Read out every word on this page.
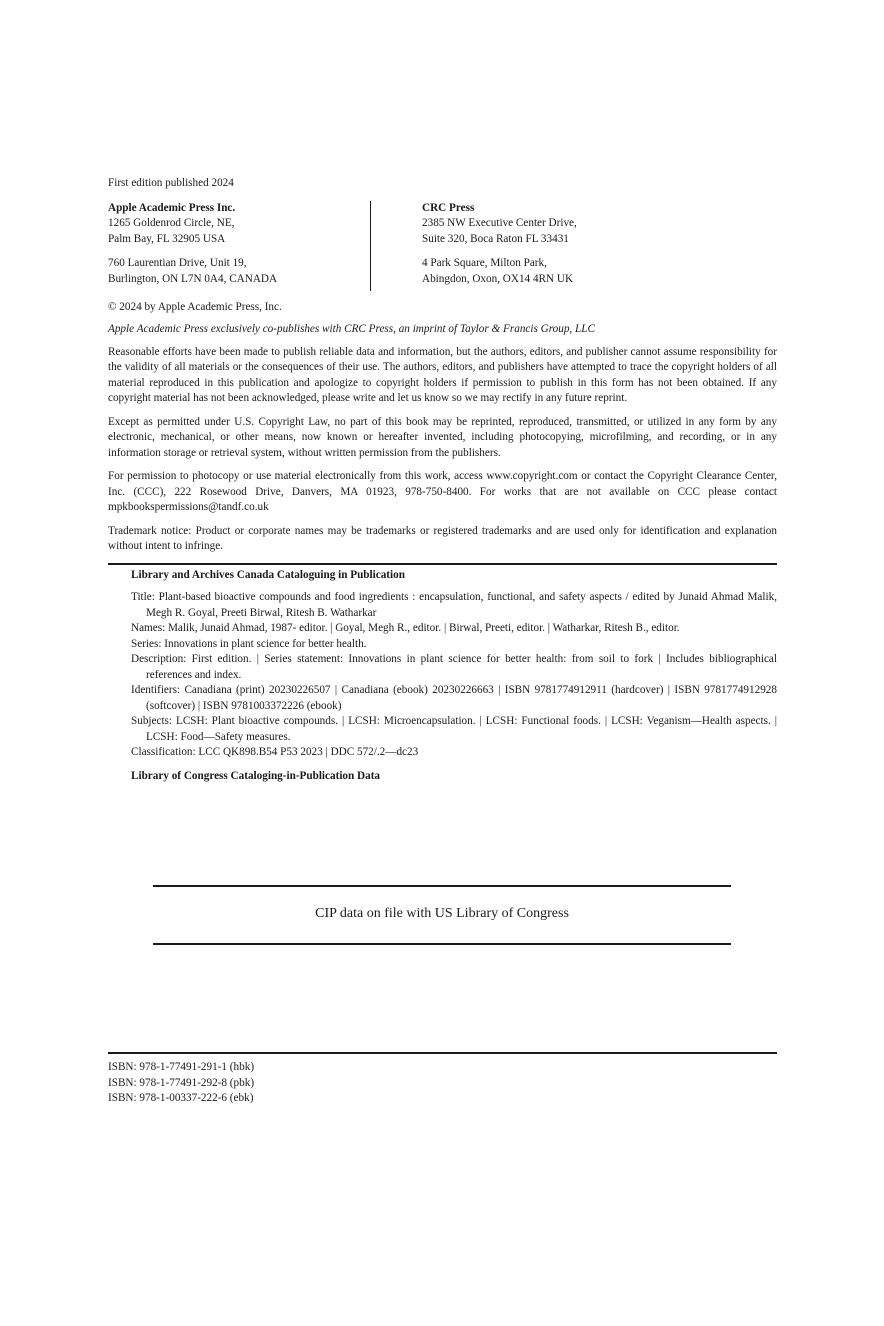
First edition published 2024

Apple Academic Press Inc.

1265 Goldenrod Circle, NE,

Palm Bay, FL 32905 USA

760 Laurentian Drive, Unit 19,

Burlington, ON L7N 0A4, CANADA

CRC Press

2385 NW Executive Center Drive,

Suite 320, Boca Raton FL 33431

4 Park Square, Milton Park,

Abingdon, Oxon, OX14 4RN UK

© 2024 by Apple Academic Press, Inc.

Apple Academic Press exclusively co-publishes with CRC Press, an imprint of Taylor & Francis Group, LLC

Reasonable efforts have been made to publish reliable data and information, but the authors, editors, and publisher cannot assume responsibility for the validity of all materials or the consequences of their use. The authors, editors, and publishers have attempted to trace the copyright holders of all material reproduced in this publication and apologize to copyright holders if permission to publish in this form has not been obtained. If any copyright material has not been acknowledged, please write and let us know so we may rectify in any future reprint.

Except as permitted under U.S. Copyright Law, no part of this book may be reprinted, reproduced, transmitted, or utilized in any form by any electronic, mechanical, or other means, now known or hereafter invented, including photocopying, microfilming, and recording, or in any information storage or retrieval system, without written permission from the publishers.

For permission to photocopy or use material electronically from this work, access www.copyright.com or contact the Copyright Clearance Center, Inc. (CCC), 222 Rosewood Drive, Danvers, MA 01923, 978-750-8400. For works that are not available on CCC please contact mpkbookspermissions@tandf.co.uk

Trademark notice: Product or corporate names may be trademarks or registered trademarks and are used only for identification and explanation without intent to infringe.

Library and Archives Canada Cataloguing in Publication

Title: Plant-based bioactive compounds and food ingredients : encapsulation, functional, and safety aspects / edited by Junaid Ahmad Malik, Megh R. Goyal, Preeti Birwal, Ritesh B. Watharkar

Names: Malik, Junaid Ahmad, 1987- editor. | Goyal, Megh R., editor. | Birwal, Preeti, editor. | Watharkar, Ritesh B., editor.

Series: Innovations in plant science for better health.

Description: First edition. | Series statement: Innovations in plant science for better health: from soil to fork | Includes bibliographical references and index.

Identifiers: Canadiana (print) 20230226507 | Canadiana (ebook) 20230226663 | ISBN 9781774912911 (hardcover) | ISBN 9781774912928 (softcover) | ISBN 9781003372226 (ebook)

Subjects: LCSH: Plant bioactive compounds. | LCSH: Microencapsulation. | LCSH: Functional foods. | LCSH: Veganism—Health aspects. | LCSH: Food—Safety measures.

Classification: LCC QK898.B54 P53 2023 | DDC 572/.2—dc23

Library of Congress Cataloging-in-Publication Data

CIP data on file with US Library of Congress

ISBN: 978-1-77491-291-1 (hbk)

ISBN: 978-1-77491-292-8 (pbk)

ISBN: 978-1-00337-222-6 (ebk)
